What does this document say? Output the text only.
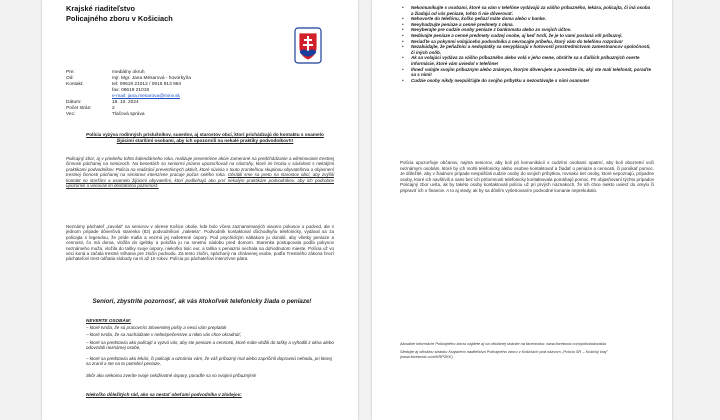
Krajské riaditeľstvo
Policajného zboru v Košiciach
Pre:	mediálny okruh
Od:	mjr. Mgr. Jana Mésarová - hovorkyňa
Kontakt:	tel: 09619 21012 / 0915 913 994
fax: 09619 21019
e-mail: jana.mesarova@minv.sk
Dátum:	18. 10. 2024
Počet strán:	2
Vec:	Tlačová správa
Polícia vyzýva rodinných príslušníkov, susedov, aj starostov obcí, ktorí prichádzajú do kontaktu s osamelo žijúcimi staršími osobami, aby ich upozornili na nekalé praktiky podvodníkov!!!
Policajný zbor, aj v priebehu tohto kalendárneho roka, realizuje preventívne akcie zamerané na predchádzanie a eliminovanie trestnej činnosti páchanej na senioroch. Na besedách so seniormi priamo upozorňovali na nástrahy, ktoré im hrozia v súvislosti s nekalými praktikami podvodníkov. Polícia na realizácii preventívnych aktivít, ktoré súvisia s touto zraniteľnou skupinou obyvateľstva a objasnení trestnej činnosti páchanej na seniorovi intenzívne pracuje počas celého roka. Obrátili sme sa preto na starostov obcí, aby zvýšili kontakt so staršími a osamelo žijúcimi obyvateľmi, ktorí podliehajú ako prví nekalým praktikám podvodníkov, aby ich podrobne upozornili a venovali im dostatočnú pozornosť.
Neznámy páchateľ „zavolal" na seniorov v okrese Košice okolie, kde bolo včera zaznamenaných viacero pokusov o podvod, ale v jednom prípade dôverčivá starenka (82) podvodníkovi „naletela". Podvodník kontaktoval dôchodkyňu telefonicky, vydával sa za policajta s legendou, že príde mafia a vezmú jej našetrené úspory. Pod psychickým nátlakom ju donútil, aby všetky peniaze a cennosti, čo má doma, vložila do igelitky a položila ju na smetnú nádobu pred domom. Starenka postupovala podľa pokynov neznámeho muža, vložila do tašky svoje úspory, niekoľko tisíc eur, a taška s peniazmi nechala na dohodnutom mieste. Polícia už vo veci koná a začala trestné stíhanie pre zločin podvodu. Za tento zločin, spáchaný na chránenej osobe, podľa Trestného zákona hrozí páchateľovi trest odňatia slobody na tri až 10 rokov. Polícia po páchateľovi intenzívne pátra.
Seniori, zbystrite pozornosť, ak vás ktokoľvek telefonicky žiada o peniaze!
NEVERTE OSOBÁM:
– ktoré tvrdia, že sú pracovníci Slovenskej pošty a nesú vám preplatok
– ktoré tvrdia, že sa nachádzate v nebezpečenstve a nikto vás chce okradnúť,
– ktoré sa predstavia ako policajti a vyzvú vás, aby ste peniaze a cennosti, ktoré máte vložili do tašky a vyhodili z okna alebo odovzdali neznámej osobe,
– ktoré sa predstavia ako lekári, či policajti a oznámia vám, že váš príbuzný mal alebo zapríčinil dopravnú nehodu, pri ktorej sa zranil a ste na to potrební peniaze,
Skôr ako niekomu zveríte svoje celoživotné úspory, poraďte sa so svojimi príbuznými!
Niekoľko dôležitých rád, ako sa nestať obeťami podvodníka v zlodejov:
•	Nekomunikujte s osobami, ktoré sa vám v telefóne vydávajú za vášho príbuzného, lekára, policajta, či iná osoba a žiadajú od vás peniaze, tohto ti nie dôverovať.
•	Nehovorte do telefónu, koľko peňazí máte doma alebo v banke.
•	Nevyhadzujte peniaze a cenné predmety z okna.
•	Nevyberajte pre cudzie osoby peniaze z bankomatu alebo zo svojich účtov.
•	Nedávajte peniaze a cenné predmety cudzej osobe, aj keď tvrdí, že je to vami poslaná vôl príbuzný.
•	Neriaďte sa pokynmi volajúceho podvodníka a nevracajte príbehu, ktorý vám do telefónu rozpráva!
•	Nezabúdajte, že peňažníci a nedoplatky sa nevyplácajú v hotovosti prostredníctvom zamestnancov spoločnosti, či iných osôb.
•	Ak sa volajúci vydáva za vášho príbuzného alebo volá v jeho mene, obráťte sa a ďalších príbuzných overte informácie, ktoré vám uviedol v telefóne!
•	Ihneď volajte svojim príbuzným alebo známym, ktorým dôverujete a povedzte im, aký ste mali telefonát, poraďte sa s nimi!
•	Cudzie osoby nikdy nevpúšťajte do svojho príbytku a nezostávajte s nimi osamote!
Polícia upozorňuje občanov, najmä seniorov, aby boli pri komunikácii s cudzími osobami opatrní, aby boli obozretní voči neznámym osobám, ktoré by ich mohli telefonicky alebo osobne kontaktovať a žiadať o peniaze a cennosti, či ponúkať pomoc. Je dôležité, aby v žiadnom prípade nevpúšťali cudzie osoby do svojich príbytkov, rovnako tieť osoby, ktoré nepoznajú, prípadne osoby, ktoré ich navštívili a sami bez ich prítomnosti telefonicky kontaktovala pomáhajú pomoc. Pri objasňovaní týchto prípadov Policajný zbor uvíta, ak by takéto osoby kontaktovali políciu už pri prvých náznakoch, že ich chce niekto uviesť do omylu či pripraviť ich o financie. A to aj vtedy, ak by sa dôslím vyšetrovaním podvodné konanie neprekukalo.
Aktuálne informácie Policajného zboru nájdete aj na oficiálnej stránke na facebooku: www.facebook.com/policiaslovakia
Sledujte aj oficiálnu stránku Krajského riaditeľstva Policajného zboru v Košiciach pod názvom „Polícia SR – Košický kraj" (www.facebook.com/KRPZKE)
